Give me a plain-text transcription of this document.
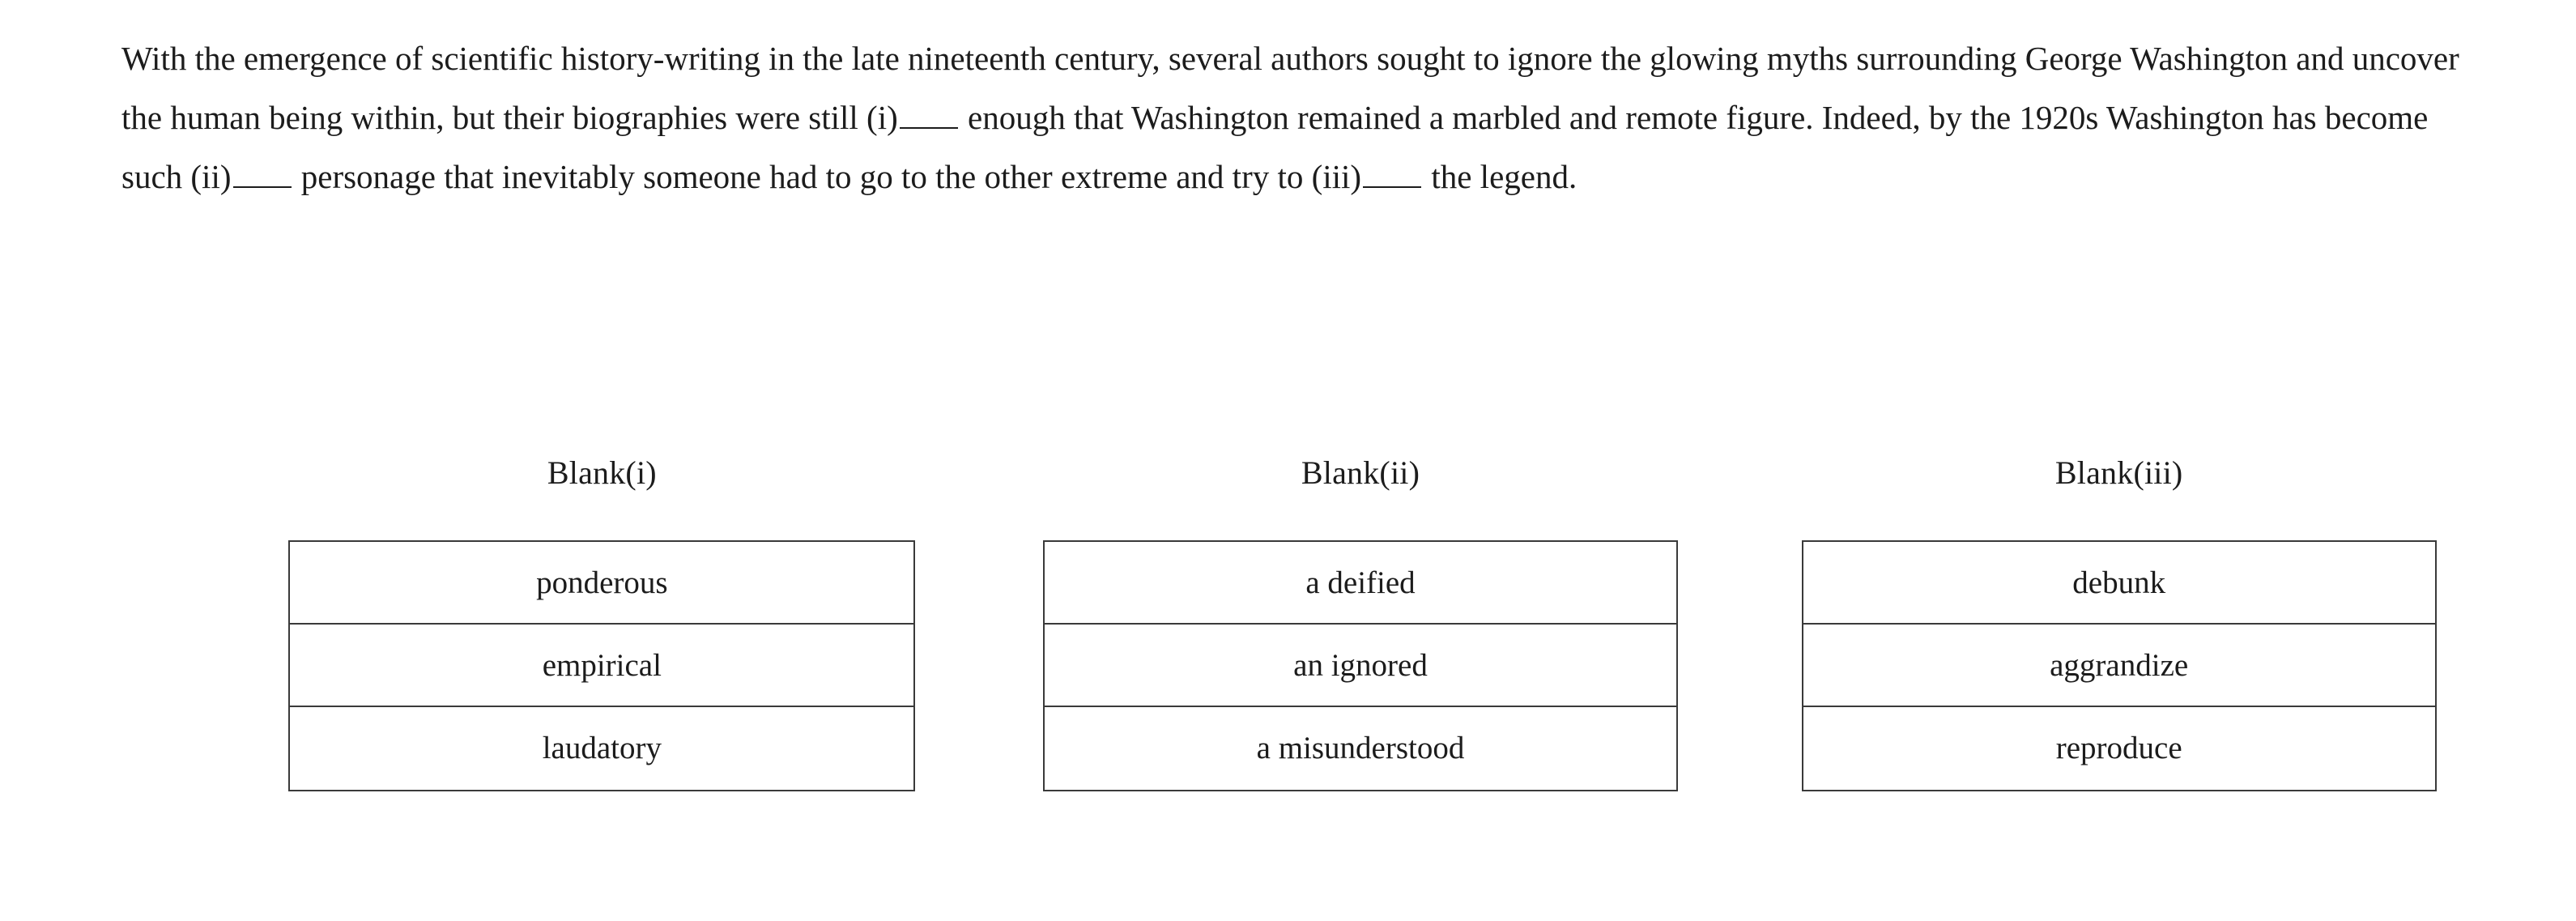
With the emergence of scientific history-writing in the late nineteenth century, several authors sought to ignore the glowing myths surrounding George Washington and uncover the human being within, but their biographies were still (i) enough that Washington remained a marbled and remote figure. Indeed, by the 1920s Washington has become such (ii) personage that inevitably someone had to go to the other extreme and try to (iii) the legend.
Blank(i)
ponderous
empirical
laudatory
Blank(ii)
a deified
an ignored
a misunderstood
Blank(iii)
debunk
aggrandize
reproduce
